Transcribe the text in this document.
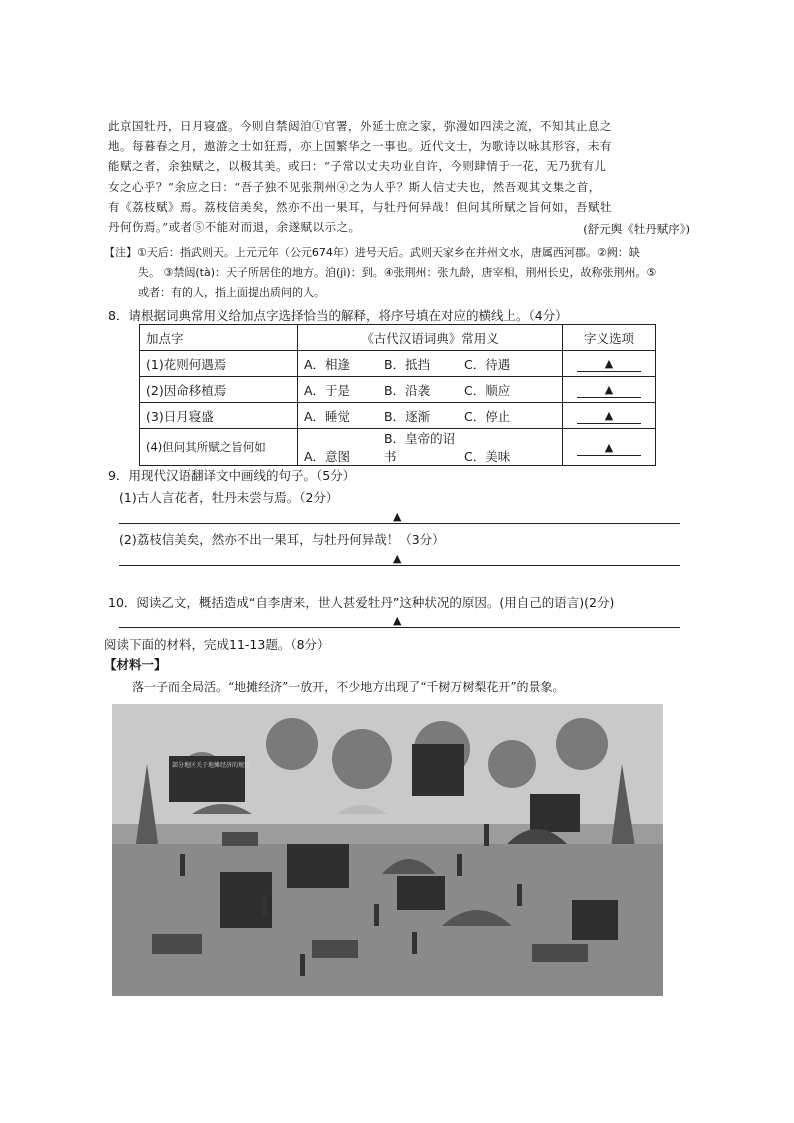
此京国牡丹，日月寝盛。今则自禁闼洎①官署，外延士庶之家，弥漫如四渎之流，不知其止息之

地。每暮春之月，遨游之士如狂焉，亦上国繁华之一事也。近代文士，为歌诗以咏其形容，未有

能赋之者，余独赋之，以极其美。或曰：“子常以丈夫功业自许，今则肆情于一花，无乃犹有儿

女之心乎？”余应之曰：“吾子独不见张荆州④之为人乎？斯人信丈夫也，然吾观其文集之首，

有《荔枝赋》焉。荔枝信美矣，然亦不出一果耳，与牡丹何异哉！但问其所赋之旨何如，吾赋牡

丹何伤焉。”或者⑤不能对而退，余遂赋以示之。	(舒元舆《牡丹赋序》)
【注】①天后：指武则天。上元元年（公元674年）进号天后。武则天家乡在并州文水，唐属西河郡。②阙：缺
失。 ③禁闼(tà)：天子所居住的地方。洎(jì)：到。④张荆州：张九龄，唐宰相，荆州长史，故称张荆州。⑤
或者：有的人，指上面提出质问的人。
8．请根据词典常用义给加点字选择恰当的解释，将序号填在对应的横线上。（4分）
加点字	《古代汉语词典》常用义	字义选项
(1)花则何遇焉	A．相逢 B．抵挡 C．待遇	▲
(2)因命移植焉	A．于是 B．沿袭 C．顺应	▲
(3)日月寝盛	A．睡觉 B．逐渐 C．停止	▲
(4)但问其所赋之旨何如	A．意图B．皇帝的诏书 C．美味	▲
9．用现代汉语翻译文中画线的句子。（5分）
(1)古人言花者，牡丹未尝与焉。（2分）
▲
(2)荔枝信美矣，然亦不出一果耳，与牡丹何异哉！（3分）
▲
10．阅读乙文，概括造成“自李唐来，世人甚爱牡丹”这种状况的原因。(用自己的语言)(2分)
▲
阅读下面的材料，完成11-13题。（8分）
【材料一】
落一子而全局活。“地摊经济”一放开，不少地方出现了“千树万树梨花开”的景象。
部分地区关于地摊经济的规定
